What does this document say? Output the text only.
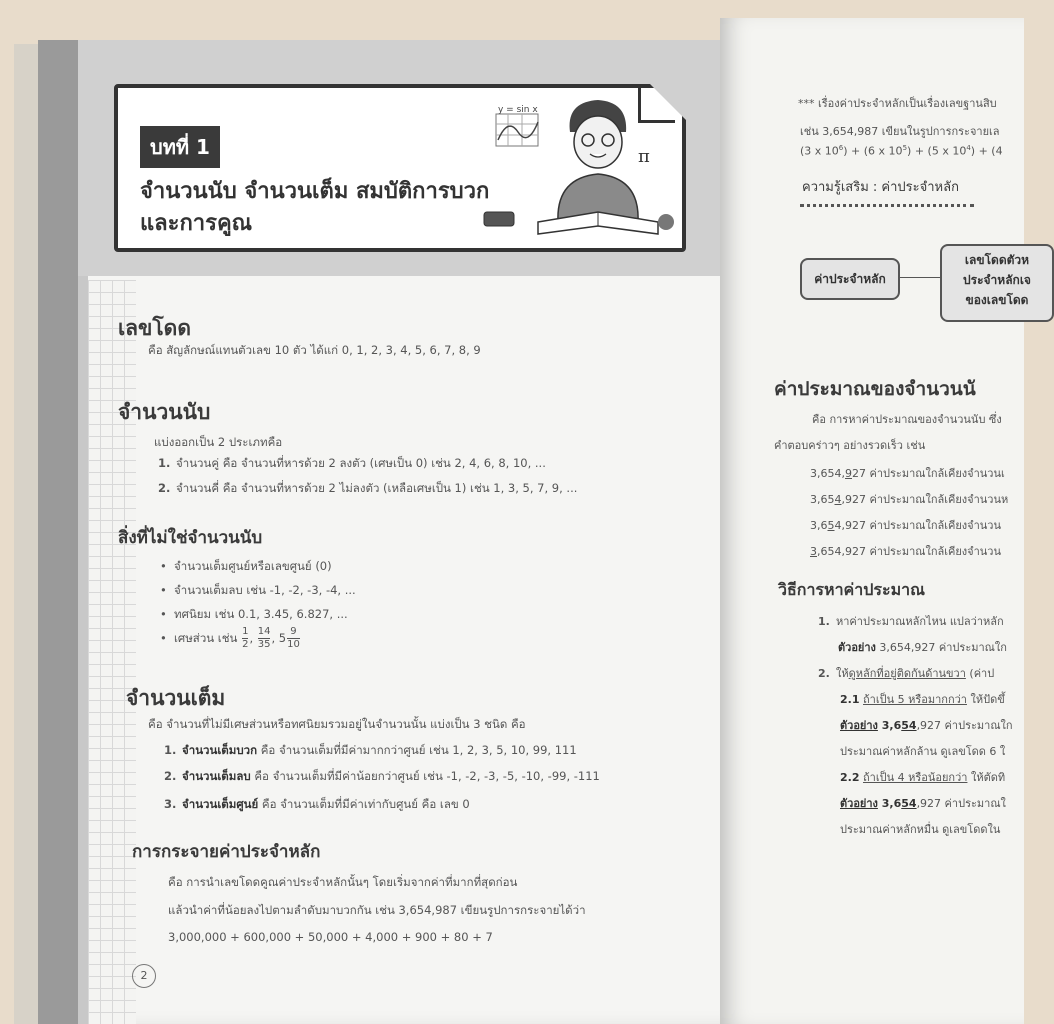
บทที่ 1
จำนวนนับ จำนวนเต็ม สมบัติการบวก
และการคูณ
y = sin x
π
เลขโดด
คือ สัญลักษณ์แทนตัวเลข 10 ตัว ได้แก่ 0, 1, 2, 3, 4, 5, 6, 7, 8, 9
จำนวนนับ
แบ่งออกเป็น 2 ประเภทคือ
1. จำนวนคู่ คือ จำนวนที่หารด้วย 2 ลงตัว (เศษเป็น 0) เช่น 2, 4, 6, 8, 10, ...
2. จำนวนคี่ คือ จำนวนที่หารด้วย 2 ไม่ลงตัว (เหลือเศษเป็น 1) เช่น 1, 3, 5, 7, 9, ...
สิ่งที่ไม่ใช่จำนวนนับ
• จำนวนเต็มศูนย์หรือเลขศูนย์ (0)
• จำนวนเต็มลบ เช่น -1, -2, -3, -4, ...
• ทศนิยม เช่น 0.1, 3.45, 6.827, ...
• เศษส่วน เช่น $\frac{1}{2}$ , $\frac{14}{35}$ , $5 \frac{9}{10}$
จำนวนเต็ม
คือ จำนวนที่ไม่มีเศษส่วนหรือทศนิยมรวมอยู่ในจำนวนนั้น แบ่งเป็น 3 ชนิด คือ
1. จำนวนเต็มบวก คือ จำนวนเต็มที่มีค่ามากกว่าศูนย์ เช่น 1, 2, 3, 5, 10, 99, 111
2. จำนวนเต็มลบ คือ จำนวนเต็มที่มีค่าน้อยกว่าศูนย์ เช่น -1, -2, -3, -5, -10, -99, -111
3. จำนวนเต็มศูนย์ คือ จำนวนเต็มที่มีค่าเท่ากับศูนย์ คือ เลข 0
การกระจายค่าประจำหลัก
คือ การนำเลขโดดคูณค่าประจำหลักนั้นๆ โดยเริ่มจากค่าที่มากที่สุดก่อน
แล้วนำค่าที่น้อยลงไปตามลำดับมาบวกกัน เช่น 3,654,987 เขียนรูปการกระจายได้ว่า
3,000,000 + 600,000 + 50,000 + 4,000 + 900 + 80 + 7
2
*** เรื่องค่าประจำหลักเป็นเรื่องเลขฐานสิบ
เช่น 3,654,987 เขียนในรูปการกระจายเล
(3 x $10^6) + (6$ x $10^5) + (5$ x $10^4) + (4$
ความรู้เสริม : ค่าประจำหลัก
ค่าประจำหลัก
เลขโดดตัวห
ประจำหลักเจ
ของเลขโดด
ค่าประมาณของจำนวนนั
คือ การหาค่าประมาณของจำนวนนับ ซึ่ง
คำตอบคร่าวๆ อย่างรวดเร็ว เช่น
3,654,927 ค่าประมาณใกล้เคียงจำนวนเ
3,654,927 ค่าประมาณใกล้เคียงจำนวนห
3,654,927 ค่าประมาณใกล้เคียงจำนวน
3,654,927 ค่าประมาณใกล้เคียงจำนวน
วิธีการหาค่าประมาณ
1. หาค่าประมาณหลักไหน แปลว่าหลัก
ตัวอย่าง 3,654,927 ค่าประมาณใก
2. ให้ดูหลักที่อยู่ติดกันด้านขวา (ค่าป
2.1 ถ้าเป็น 5 หรือมากกว่า ให้ปัดขึ้
ตัวอย่าง 3,654,927 ค่าประมาณใก
ประมาณค่าหลักล้าน ดูเลขโดด 6 ใ
2.2 ถ้าเป็น 4 หรือน้อยกว่า ให้ตัดทิ
ตัวอย่าง 3,654,927 ค่าประมาณใ
ประมาณค่าหลักหมื่น ดูเลขโดดใน
